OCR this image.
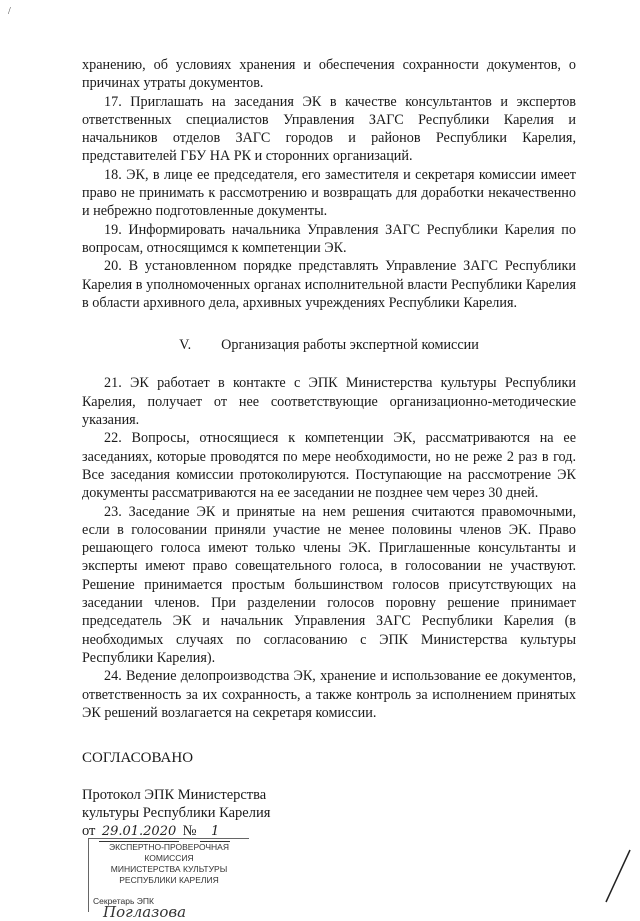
/

хранению, об условиях хранения и обеспечения сохранности документов, о причинах утраты документов.

17. Приглашать на заседания ЭК в качестве консультантов и экспертов ответственных специалистов Управления ЗАГС Республики Карелия и начальников отделов ЗАГС городов и районов Республики Карелия, представителей ГБУ НА РК и сторонних организаций.

18. ЭК, в лице ее председателя, его заместителя и секретаря комиссии имеет право не принимать к рассмотрению и возвращать для доработки некачественно и небрежно подготовленные документы.

19. Информировать начальника Управления ЗАГС Республики Карелия по вопросам, относящимся к компетенции ЭК.

20. В установленном порядке представлять Управление ЗАГС Республики Карелия в уполномоченных органах исполнительной власти Республики Карелия в области архивного дела, архивных учреждениях Республики Карелия.

V. Организация работы экспертной комиссии

21. ЭК работает в контакте с ЭПК Министерства культуры Республики Карелия, получает от нее соответствующие организационно-методические указания.

22. Вопросы, относящиеся к компетенции ЭК, рассматриваются на ее заседаниях, которые проводятся по мере необходимости, но не реже 2 раз в год. Все заседания комиссии протоколируются. Поступающие на рассмотрение ЭК документы рассматриваются на ее заседании не позднее чем через 30 дней.

23. Заседание ЭК и принятые на нем решения считаются правомочными, если в голосовании приняли участие не менее половины членов ЭК. Право решающего голоса имеют только члены ЭК. Приглашенные консультанты и эксперты имеют право совещательного голоса, в голосовании не участвуют. Решение принимается простым большинством голосов присутствующих на заседании членов. При разделении голосов поровну решение принимает председатель ЭК и начальник Управления ЗАГС Республики Карелия (в необходимых случаях по согласованию с ЭПК Министерства культуры Республики Карелия).

24. Ведение делопроизводства ЭК, хранение и использование ее документов, ответственность за их сохранность, а также контроль за исполнением принятых ЭК решений возлагается на секретаря комиссии.

СОГЛАСОВАНО
Протокол ЭПК Министерства
культуры Республики Карелия
от 29.01.2020 № 1
ЭКСПЕРТНО-ПРОВЕРОЧНАЯ КОМИССИЯ
МИНИСТЕРСТВА КУЛЬТУРЫ
РЕСПУБЛИКИ КАРЕЛИЯ
Секретарь ЭПК Поглазова
